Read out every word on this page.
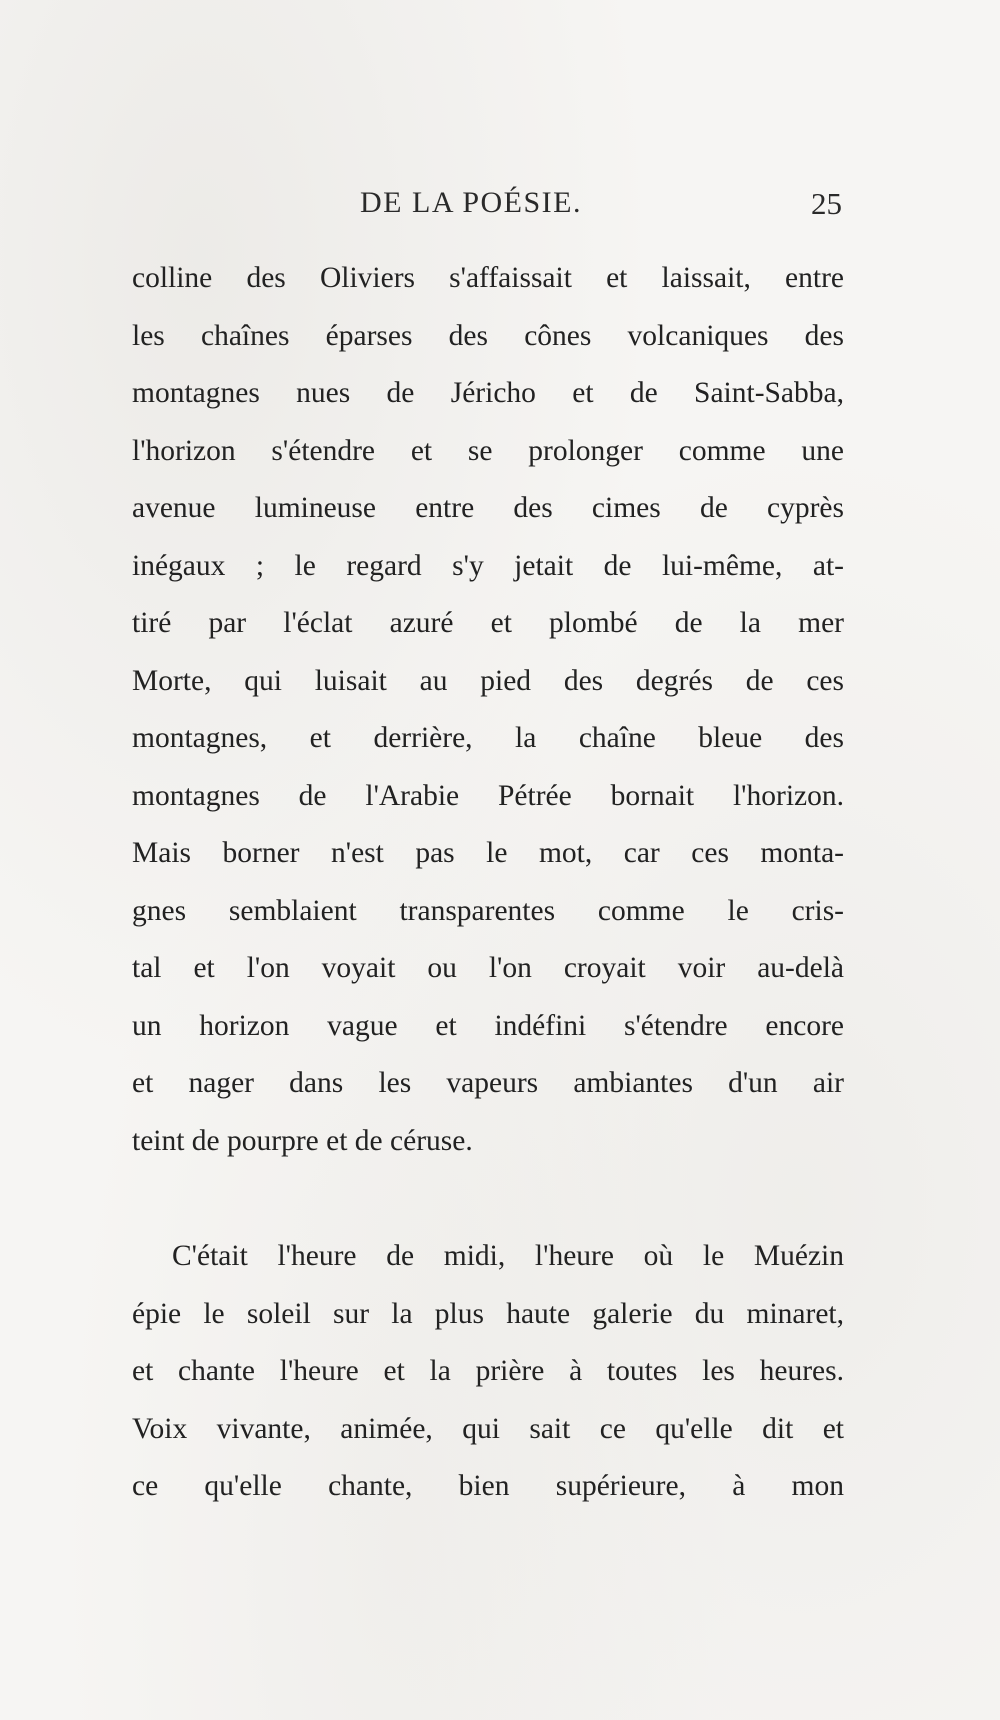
DE LA POÉSIE.	25
colline des Oliviers s'affaissait et laissait, entre
les chaînes éparses des cônes volcaniques des
montagnes nues de Jéricho et de Saint-Sabba,
l'horizon s'étendre et se prolonger comme une
avenue lumineuse entre des cimes de cyprès
inégaux ; le regard s'y jetait de lui-même, at-
tiré par l'éclat azuré et plombé de la mer
Morte, qui luisait au pied des degrés de ces
montagnes, et derrière, la chaîne bleue des
montagnes de l'Arabie Pétrée bornait l'horizon.
Mais borner n'est pas le mot, car ces monta-
gnes semblaient transparentes comme le cris-
tal et l'on voyait ou l'on croyait voir au-delà
un horizon vague et indéfini s'étendre encore
et nager dans les vapeurs ambiantes d'un air
teint de pourpre et de céruse.
C'était l'heure de midi, l'heure où le Muézin
épie le soleil sur la plus haute galerie du minaret,
et chante l'heure et la prière à toutes les heures.
Voix vivante, animée, qui sait ce qu'elle dit et
ce qu'elle chante, bien supérieure, à mon
